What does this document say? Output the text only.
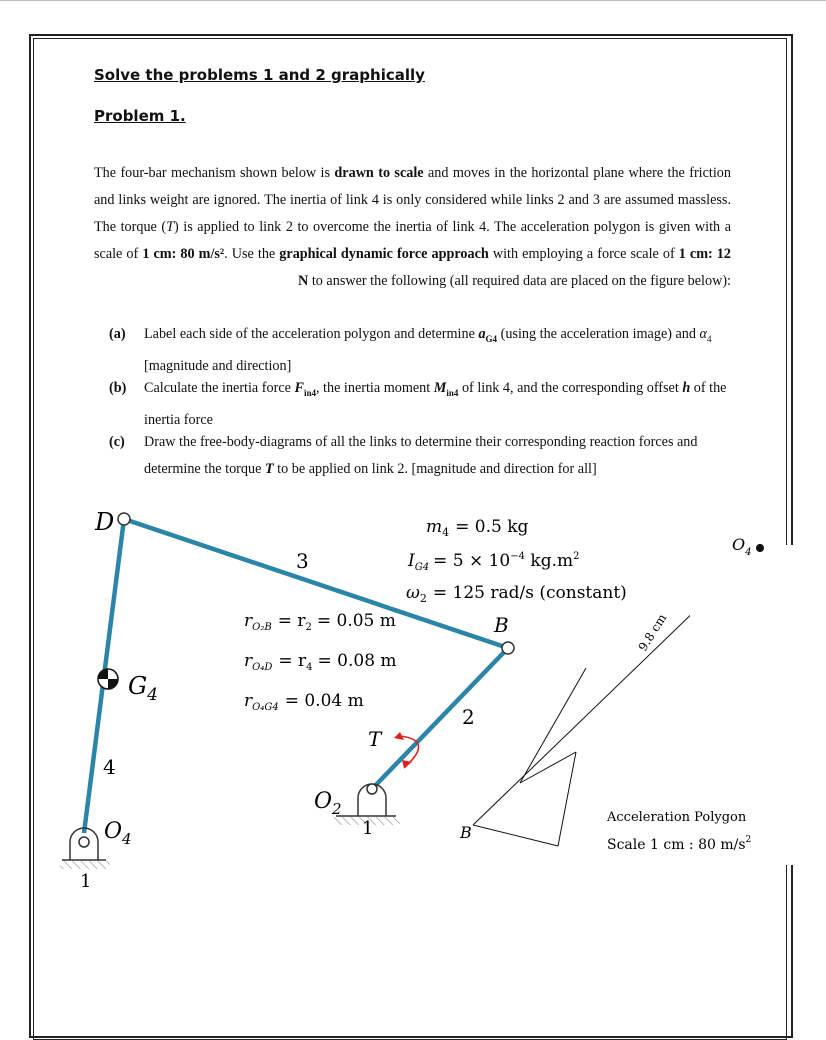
Solve the problems 1 and 2 graphically
Problem 1.
The four-bar mechanism shown below is drawn to scale and moves in the horizontal plane where the friction and links weight are ignored. The inertia of link 4 is only considered while links 2 and 3 are assumed massless. The torque (T) is applied to link 2 to overcome the inertia of link 4. The acceleration polygon is given with a scale of 1 cm: 80 m/s². Use the graphical dynamic force approach with employing a force scale of 1 cm: 12 N to answer the following (all required data are placed on the figure below):
(a) Label each side of the acceleration polygon and determine $a_{G4}$ (using the acceleration image) and $\alpha_4$ [magnitude and direction]
(b) Calculate the inertia force $F_{in4}$, the inertia moment $M_{in4}$ of link 4, and the corresponding offset h of the inertia force
(c) Draw the free-body-diagrams of all the links to determine their corresponding reaction forces and determine the torque T to be applied on link 2. [magnitude and direction for all]
D
$G_4$
$O_4$
$O_2$
B
T
2
3
4
1
1
$m_4 = 0.5$ kg
$I_{G4} = 5 \times 10^{-4}$ $kg.m^2$
$\omega_2 = 125$ rad/s (constant)
$r_{O_2B} = r_2 = 0.05$ m
$r_{O_4D} = r_4 = 0.08$ m
$r_{O_4G4} = 0.04$ m
$O_4$
B
9.8 cm
Acceleration Polygon
Scale 1 cm : 80 $m/s^2$
